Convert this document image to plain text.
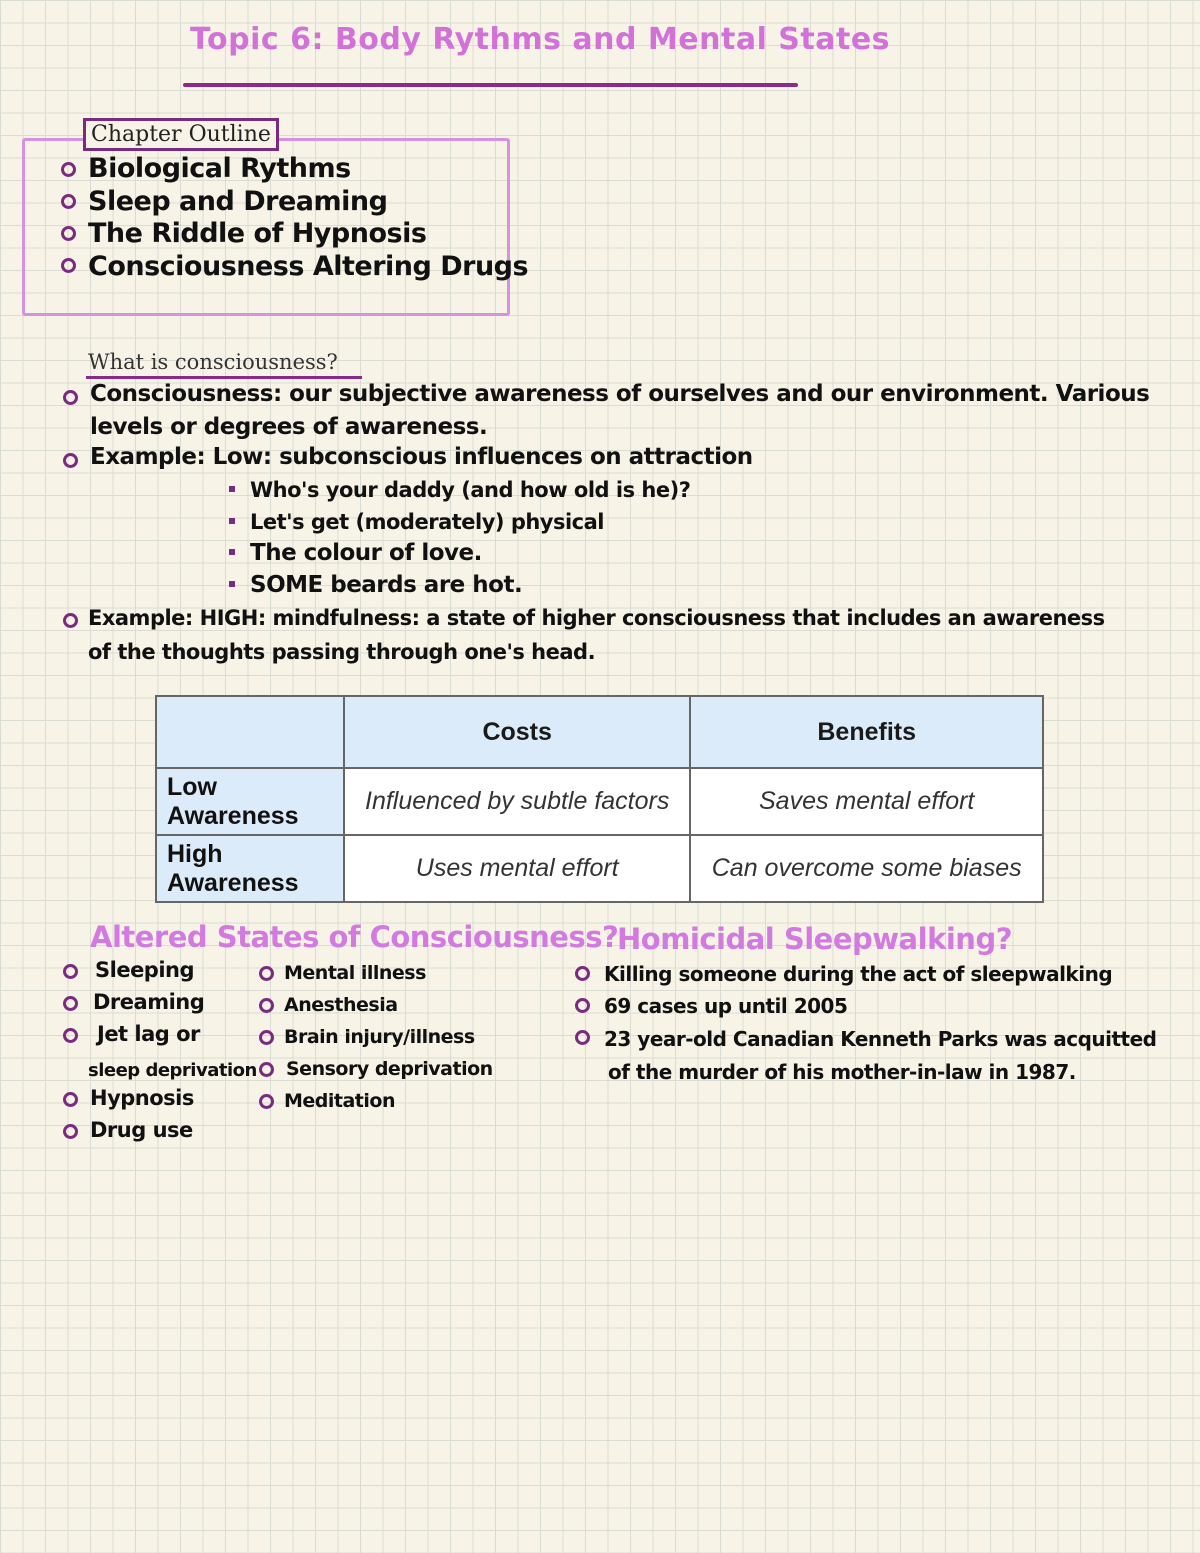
Topic 6: Body Rythms and Mental States
Chapter Outline
Biological Rythms
Sleep and Dreaming
The Riddle of Hypnosis
Consciousness Altering Drugs
What is consciousness?
Consciousness: our subjective awareness of ourselves and our environment. Various
levels or degrees of awareness.
Example: Low: subconscious influences on attraction
Who's your daddy (and how old is he)?
Let's get (moderately) physical
The colour of love.
SOME beards are hot.
Example: HIGH: mindfulness: a state of higher consciousness that includes an awareness
of the thoughts passing through one's head.
	Costs	Benefits
Low Awareness	Influenced by subtle factors	Saves mental effort
High Awareness	Uses mental effort	Can overcome some biases
Altered States of Consciousness?
Sleeping
Dreaming
Jet lag or
sleep deprivation
Hypnosis
Drug use
Mental illness
Anesthesia
Brain injury/illness
Sensory deprivation
Meditation
Homicidal Sleepwalking?
Killing someone during the act of sleepwalking
69 cases up until 2005
23 year-old Canadian Kenneth Parks was acquitted
of the murder of his mother-in-law in 1987.
